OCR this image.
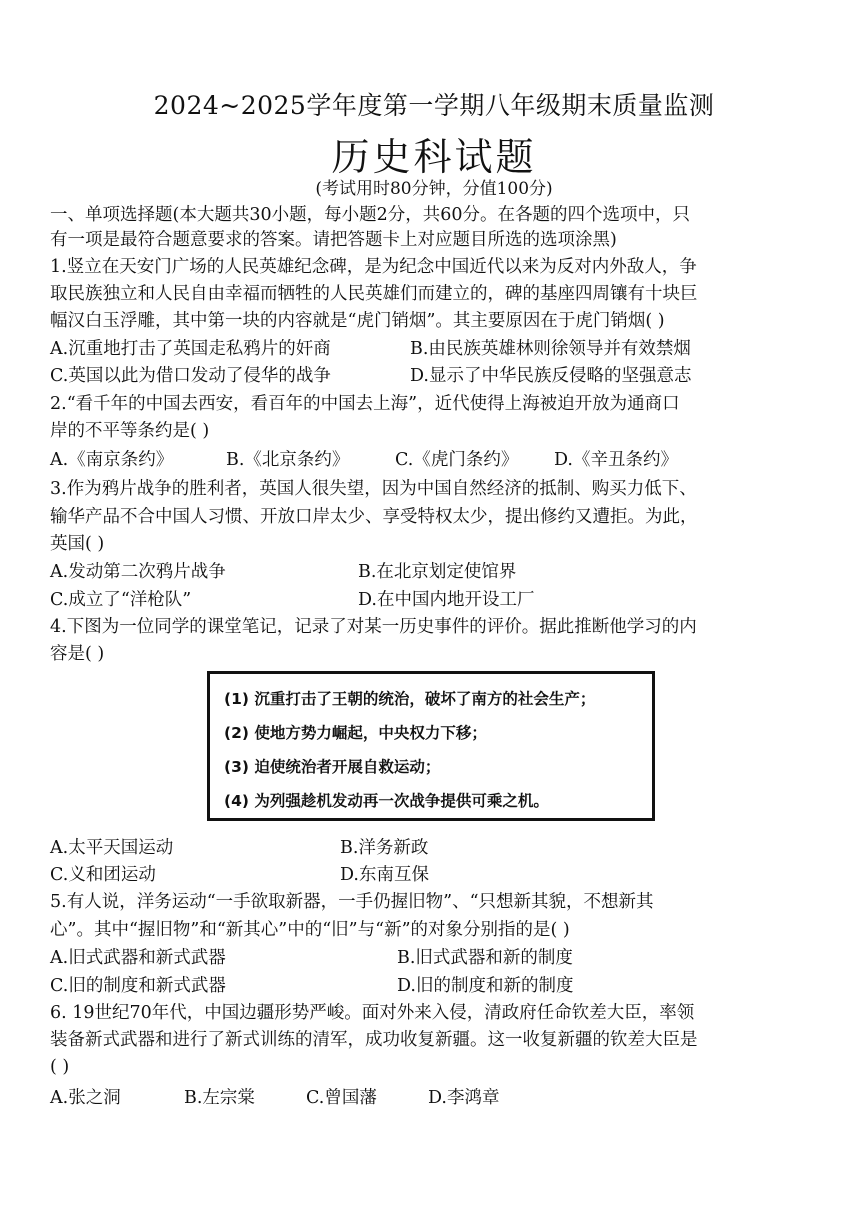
2024~2025学年度第一学期八年级期末质量监测
历史科试题
(考试用时80分钟，分值100分)
一、单项选择题(本大题共30小题，每小题2分，共60分。在各题的四个选项中，只
有一项是最符合题意要求的答案。请把答题卡上对应题目所选的选项涂黑)
1.竖立在天安门广场的人民英雄纪念碑，是为纪念中国近代以来为反对内外敌人，争
取民族独立和人民自由幸福而牺牲的人民英雄们而建立的，碑的基座四周镶有十块巨
幅汉白玉浮雕，其中第一块的内容就是“虎门销烟”。其主要原因在于虎门销烟( )
A.沉重地打击了英国走私鸦片的奸商	B.由民族英雄林则徐领导并有效禁烟
C.英国以此为借口发动了侵华的战争	D.显示了中华民族反侵略的坚强意志
2.“看千年的中国去西安，看百年的中国去上海”，近代使得上海被迫开放为通商口
岸的不平等条约是( )
A.《南京条约》	B.《北京条约》	C.《虎门条约》 D.《辛丑条约》
3.作为鸦片战争的胜利者，英国人很失望，因为中国自然经济的抵制、购买力低下、
输华产品不合中国人习惯、开放口岸太少、享受特权太少，提出修约又遭拒。为此，
英国( )
A.发动第二次鸦片战争	B.在北京划定使馆界
C.成立了“洋枪队”	D.在中国内地开设工厂
4.下图为一位同学的课堂笔记，记录了对某一历史事件的评价。据此推断他学习的内
容是( )
(1) 沉重打击了王朝的统治，破坏了南方的社会生产；
(2) 使地方势力崛起，中央权力下移；
(3) 迫使统治者开展自救运动；
(4) 为列强趁机发动再一次战争提供可乘之机。
A.太平天国运动	B.洋务新政
C.义和团运动	D.东南互保
5.有人说，洋务运动“一手欲取新器，一手仍握旧物”、“只想新其貌，不想新其
心”。其中“握旧物”和“新其心”中的“旧”与“新”的对象分别指的是( )
A.旧式武器和新式武器	B.旧式武器和新的制度
C.旧的制度和新式武器	D.旧的制度和新的制度
6. 19世纪70年代，中国边疆形势严峻。面对外来入侵，清政府任命钦差大臣，率领
装备新式武器和进行了新式训练的清军，成功收复新疆。这一收复新疆的钦差大臣是
( )
A.张之洞	B.左宗棠	C.曾国藩	D.李鸿章
